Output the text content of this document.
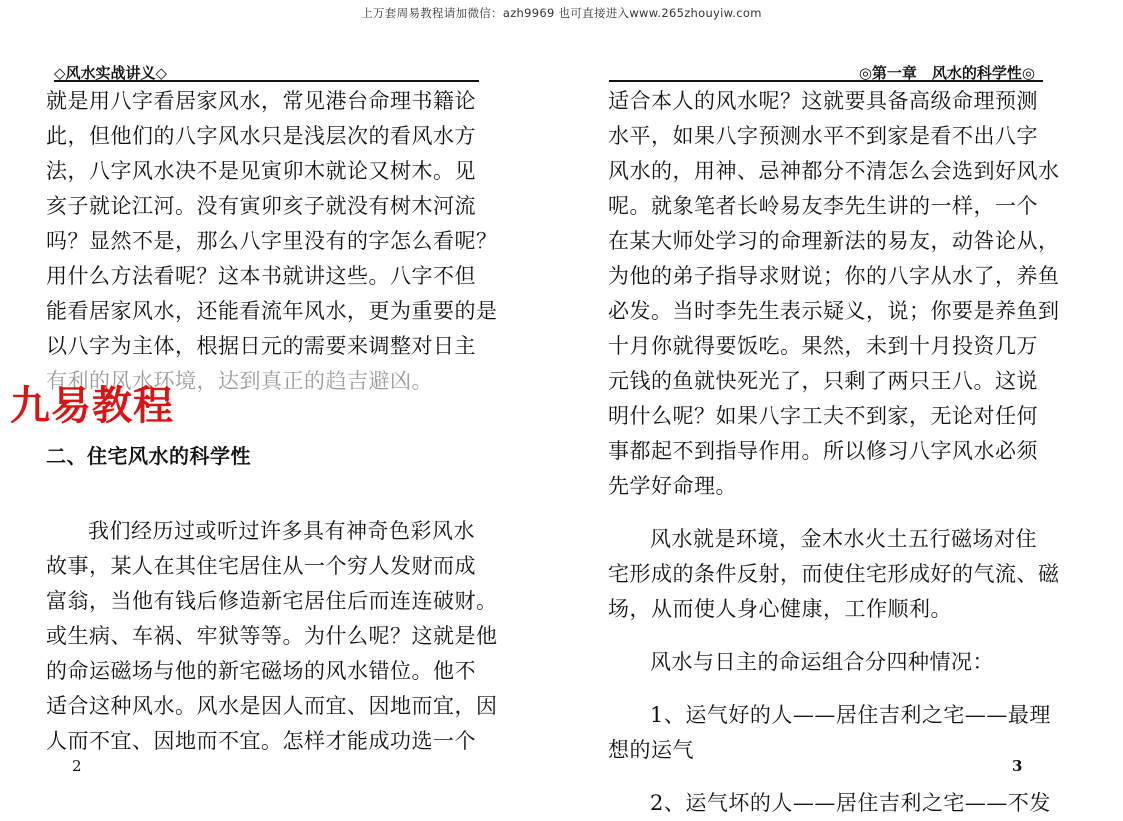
上万套周易教程请加微信：azh9969 也可直接进入www.265zhouyiw.com
◇风水实战讲义◇
就是用八字看居家风水，常见港台命理书籍论
此，但他们的八字风水只是浅层次的看风水方
法，八字风水决不是见寅卯木就论又树木。见
亥子就论江河。没有寅卯亥子就没有树木河流
吗？显然不是，那么八字里没有的字怎么看呢？
用什么方法看呢？这本书就讲这些。八字不但
能看居家风水，还能看流年风水，更为重要的是
以八字为主体，根据日元的需要来调整对日主
有利的风水环境，达到真正的趋吉避凶。
二、住宅风水的科学性
我们经历过或听过许多具有神奇色彩风水
故事，某人在其住宅居住从一个穷人发财而成
富翁，当他有钱后修造新宅居住后而连连破财。
或生病、车祸、牢狱等等。为什么呢？这就是他
的命运磁场与他的新宅磁场的风水错位。他不
适合这种风水。风水是因人而宜、因地而宜，因
人而不宜、因地而不宜。怎样才能成功选一个
2
◎第一章　风水的科学性◎
适合本人的风水呢？这就要具备高级命理预测
水平，如果八字预测水平不到家是看不出八字
风水的，用神、忌神都分不清怎么会选到好风水
呢。就象笔者长岭易友李先生讲的一样，一个
在某大师处学习的命理新法的易友，动咎论从，
为他的弟子指导求财说；你的八字从水了，养鱼
必发。当时李先生表示疑义，说；你要是养鱼到
十月你就得要饭吃。果然，未到十月投资几万
元钱的鱼就快死光了，只剩了两只王八。这说
明什么呢？如果八字工夫不到家，无论对任何
事都起不到指导作用。所以修习八字风水必须
先学好命理。
风水就是环境，金木水火土五行磁场对住
宅形成的条件反射，而使住宅形成好的气流、磁
场，从而使人身心健康，工作顺利。
风水与日主的命运组合分四种情况：
1、运气好的人——居住吉利之宅——最理
想的运气
2、运气坏的人——居住吉利之宅——不发
3
九易教程
